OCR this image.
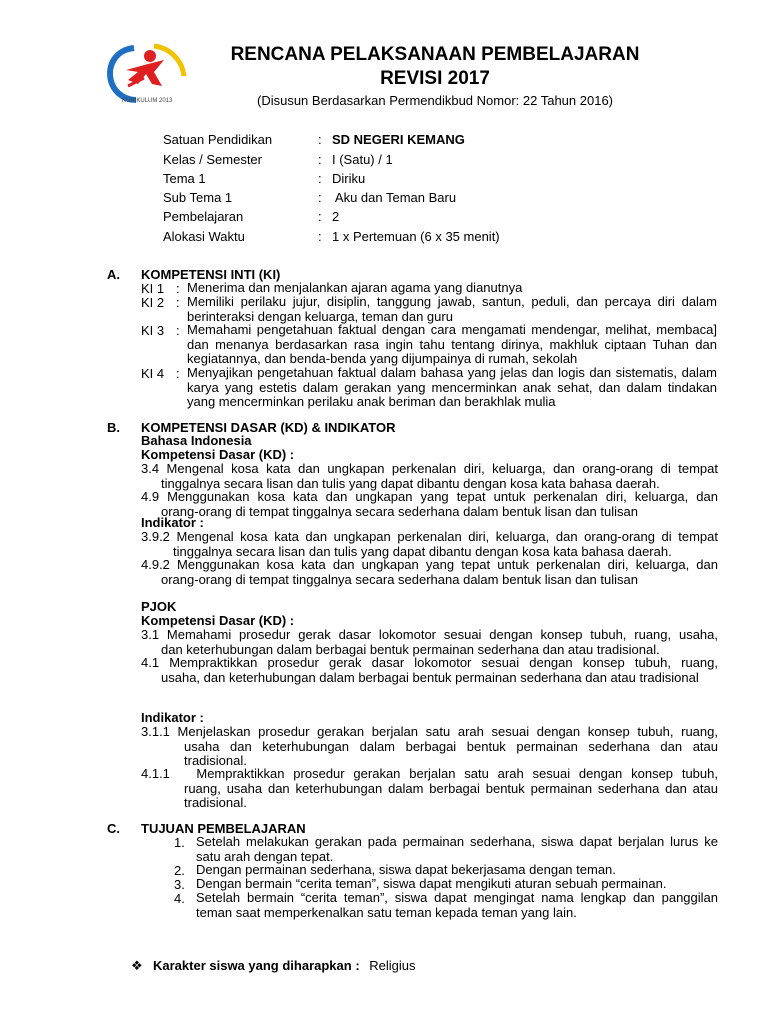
KURIKULUM 2013
RENCANA PELAKSANAAN PEMBELAJARAN
REVISI 2017
(Disusun Berdasarkan Permendikbud Nomor: 22 Tahun 2016)
Satuan Pendidikan	: SD NEGERI KEMANG
Kelas / Semester	: I (Satu) / 1
Tema 1	: Diriku
Sub Tema 1	: Aku dan Teman Baru
Pembelajaran	: 2
Alokasi Waktu	: 1 x Pertemuan (6 x 35 menit)
A. KOMPETENSI INTI (KI)
KI 1 : Menerima dan menjalankan ajaran agama yang dianutnya
KI 2 : Memiliki perilaku jujur, disiplin, tanggung jawab, santun, peduli, dan percaya diri dalam berinteraksi dengan keluarga, teman dan guru
KI 3 : Memahami pengetahuan faktual dengan cara mengamati mendengar, melihat, membaca] dan menanya berdasarkan rasa ingin tahu tentang dirinya, makhluk ciptaan Tuhan dan kegiatannya, dan benda-benda yang dijumpainya di rumah, sekolah
KI 4 : Menyajikan pengetahuan faktual dalam bahasa yang jelas dan logis dan sistematis, dalam karya yang estetis dalam gerakan yang mencerminkan anak sehat, dan dalam tindakan yang mencerminkan perilaku anak beriman dan berakhlak mulia
B. KOMPETENSI DASAR (KD) & INDIKATOR
Bahasa Indonesia
Kompetensi Dasar (KD) :
3.4 Mengenal kosa kata dan ungkapan perkenalan diri, keluarga, dan orang-orang di tempat
tinggalnya secara lisan dan tulis yang dapat dibantu dengan kosa kata bahasa daerah.
4.9 Menggunakan kosa kata dan ungkapan yang tepat untuk perkenalan diri, keluarga, dan
orang-orang di tempat tinggalnya secara sederhana dalam bentuk lisan dan tulisan
Indikator :
3.9.2 Mengenal kosa kata dan ungkapan perkenalan diri, keluarga, dan orang-orang di tempat
tinggalnya secara lisan dan tulis yang dapat dibantu dengan kosa kata bahasa daerah.
4.9.2 Menggunakan kosa kata dan ungkapan yang tepat untuk perkenalan diri, keluarga, dan
orang-orang di tempat tinggalnya secara sederhana dalam bentuk lisan dan tulisan
PJOK
Kompetensi Dasar (KD) :
3.1 Memahami prosedur gerak dasar lokomotor sesuai dengan konsep tubuh, ruang, usaha,
dan keterhubungan dalam berbagai bentuk permainan sederhana dan atau tradisional.
4.1 Mempraktikkan prosedur gerak dasar lokomotor sesuai dengan konsep tubuh, ruang,
usaha, dan keterhubungan dalam berbagai bentuk permainan sederhana dan atau tradisional
Indikator :
3.1.1 Menjelaskan prosedur gerakan berjalan satu arah sesuai dengan konsep tubuh, ruang,
usaha dan keterhubungan dalam berbagai bentuk permainan sederhana dan atau tradisional.
4.1.1   Mempraktikkan prosedur gerakan berjalan satu arah sesuai dengan konsep tubuh,
ruang, usaha dan keterhubungan dalam berbagai bentuk permainan sederhana dan atau tradisional.
C. TUJUAN PEMBELAJARAN
1. Setelah melakukan gerakan pada permainan sederhana, siswa dapat berjalan lurus ke satu arah dengan tepat.
2. Dengan permainan sederhana, siswa dapat bekerjasama dengan teman.
3. Dengan bermain “cerita teman”, siswa dapat mengikuti aturan sebuah permainan.
4. Setelah bermain “cerita teman”, siswa dapat mengingat nama lengkap dan panggilan teman saat memperkenalkan satu teman kepada teman yang lain.
❖ Karakter siswa yang diharapkan : Religius
